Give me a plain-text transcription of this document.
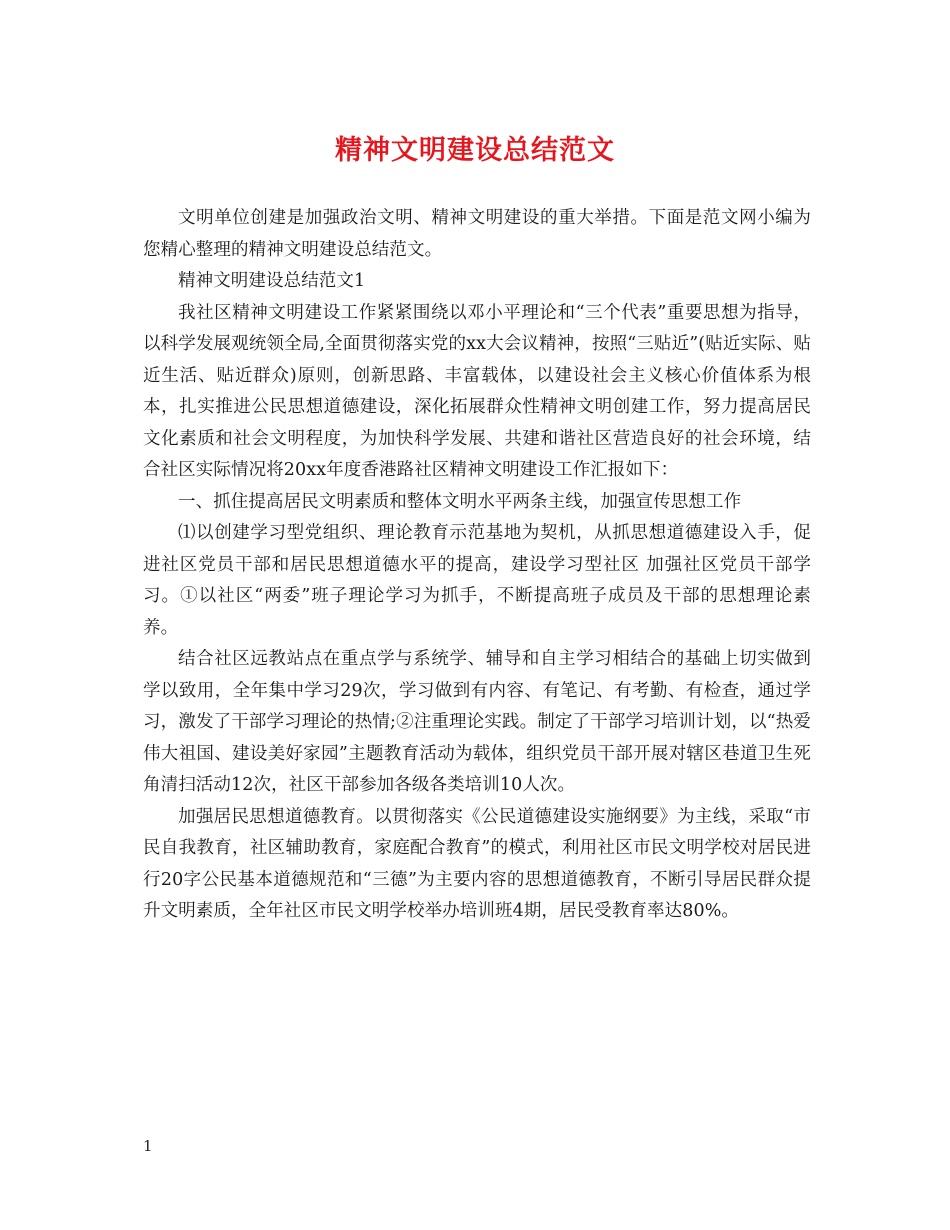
精神文明建设总结范文

文明单位创建是加强政治文明、精神文明建设的重大举措。下面是范文网小编为您精心整理的精神文明建设总结范文。

精神文明建设总结范文1

我社区精神文明建设工作紧紧围绕以邓小平理论和“三个代表”重要思想为指导，以科学发展观统领全局,全面贯彻落实党的xx大会议精神，按照“三贴近”(贴近实际、贴近生活、贴近群众)原则，创新思路、丰富载体，以建设社会主义核心价值体系为根本，扎实推进公民思想道德建设，深化拓展群众性精神文明创建工作，努力提高居民文化素质和社会文明程度，为加快科学发展、共建和谐社区营造良好的社会环境，结合社区实际情况将20xx年度香港路社区精神文明建设工作汇报如下：

一、抓住提高居民文明素质和整体文明水平两条主线，加强宣传思想工作

⑴以创建学习型党组织、理论教育示范基地为契机，从抓思想道德建设入手，促进社区党员干部和居民思想道德水平的提高，建设学习型社区 加强社区党员干部学习。①以社区“两委”班子理论学习为抓手，不断提高班子成员及干部的思想理论素养。

结合社区远教站点在重点学与系统学、辅导和自主学习相结合的基础上切实做到学以致用，全年集中学习29次，学习做到有内容、有笔记、有考勤、有检查，通过学习，激发了干部学习理论的热情;②注重理论实践。制定了干部学习培训计划，以“热爱伟大祖国、建设美好家园”主题教育活动为载体，组织党员干部开展对辖区巷道卫生死角清扫活动12次，社区干部参加各级各类培训10人次。

加强居民思想道德教育。以贯彻落实《公民道德建设实施纲要》为主线，采取“市民自我教育，社区辅助教育，家庭配合教育”的模式，利用社区市民文明学校对居民进行20字公民基本道德规范和“三德”为主要内容的思想道德教育，不断引导居民群众提升文明素质，全年社区市民文明学校举办培训班4期，居民受教育率达80%。

1
